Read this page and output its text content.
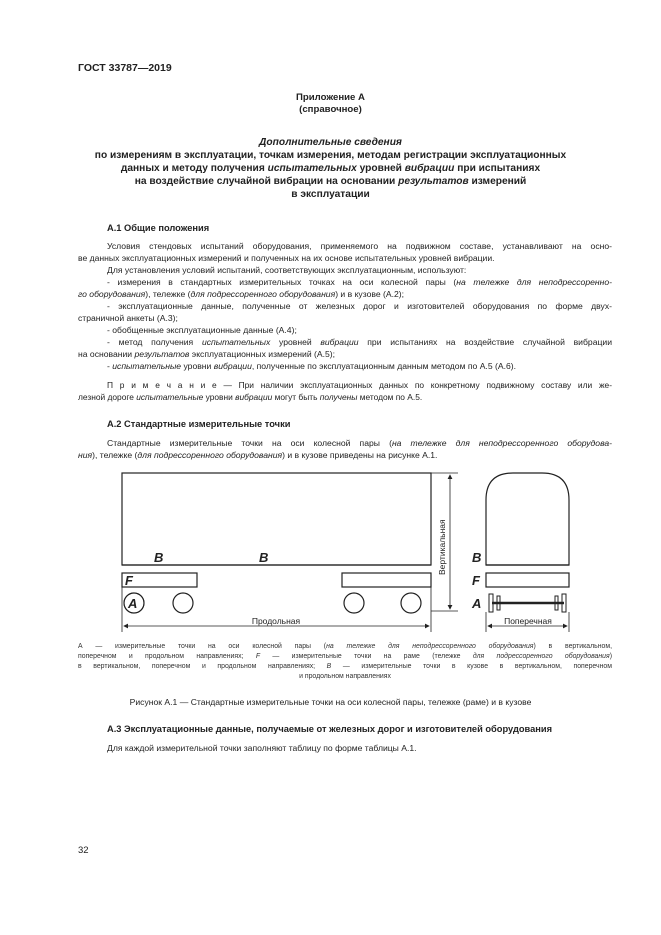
ГОСТ 33787—2019
Приложение А
(справочное)
Дополнительные сведения
по измерениям в эксплуатации, точкам измерения, методам регистрации эксплуатационных
данных и методу получения испытательных уровней вибрации при испытаниях
на воздействие случайной вибрации на основании результатов измерений
в эксплуатации
А.1 Общие положения
Условия стендовых испытаний оборудования, применяемого на подвижном составе, устанавливают на осно-
ве данных эксплуатационных измерений и полученных на их основе испытательных уровней вибрации.
Для установления условий испытаний, соответствующих эксплуатационным, используют:
- измерения в стандартных измерительных точках на оси колесной пары (на тележке для неподрессоренно-
го оборудования), тележке (для подрессоренного оборудования) и в кузове (А.2);
- эксплуатационные данные, полученные от железных дорог и изготовителей оборудования по форме двух-
страничной анкеты (А.3);
- обобщенные эксплуатационные данные (А.4);
- метод получения испытательных уровней вибрации при испытаниях на воздействие случайной вибрации
на основании результатов эксплуатационных измерений (А.5);
- испытательные уровни вибрации, полученные по эксплуатационным данным методом по А.5 (А.6).
П р и м е ч а н и е — При наличии эксплуатационных данных по конкретному подвижному составу или же-
лезной дороге испытательные уровни вибрации могут быть получены методом по А.5.
А.2 Стандартные измерительные точки
Стандартные измерительные точки на оси колесной пары (на тележке для неподрессоренного оборудова-
ния), тележке (для подрессоренного оборудования) и в кузове приведены на рисунке А.1.
B	B
F
A
B
F
A
Вертикальная
Продольная	Поперечная
А — измерительные точки на оси колесной пары (на тележке для неподрессоренного оборудования) в вертикальном,
поперечном и продольном направлениях; F — измерительные точки на раме (тележке для подрессоренного оборудования)
в вертикальном, поперечном и продольном направлениях; B — измерительные точки в кузове в вертикальном, поперечном
и продольном направлениях
Рисунок А.1 — Стандартные измерительные точки на оси колесной пары, тележке (раме) и в кузове
А.3 Эксплуатационные данные, получаемые от железных дорог и изготовителей оборудования
Для каждой измерительной точки заполняют таблицу по форме таблицы А.1.
32
